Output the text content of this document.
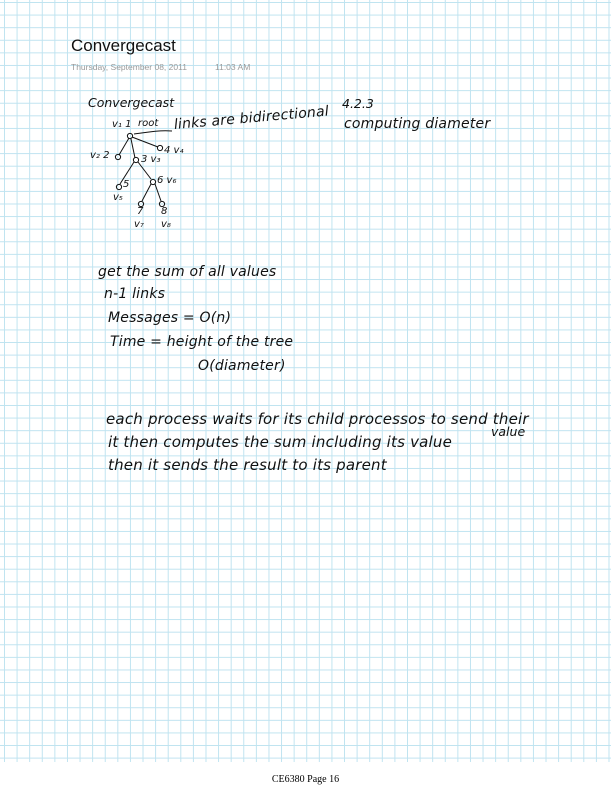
Convergecast
Thursday, September 08, 2011	11:03 AM
Convergecast	4.2.3
computing diameter
v₁ 1 root links are bidirectional
v₂ 2	3 v₃
4 v₄
5
v₅
6 v₆
7
v₇
8
v₈
get the sum of all values
n-1 links
Messages = O(n)
Time = height of the tree
O(diameter)
each process waits for its child processos to send their
value
it then computes the sum including its value
then it sends the result to its parent
CE6380 Page 16
